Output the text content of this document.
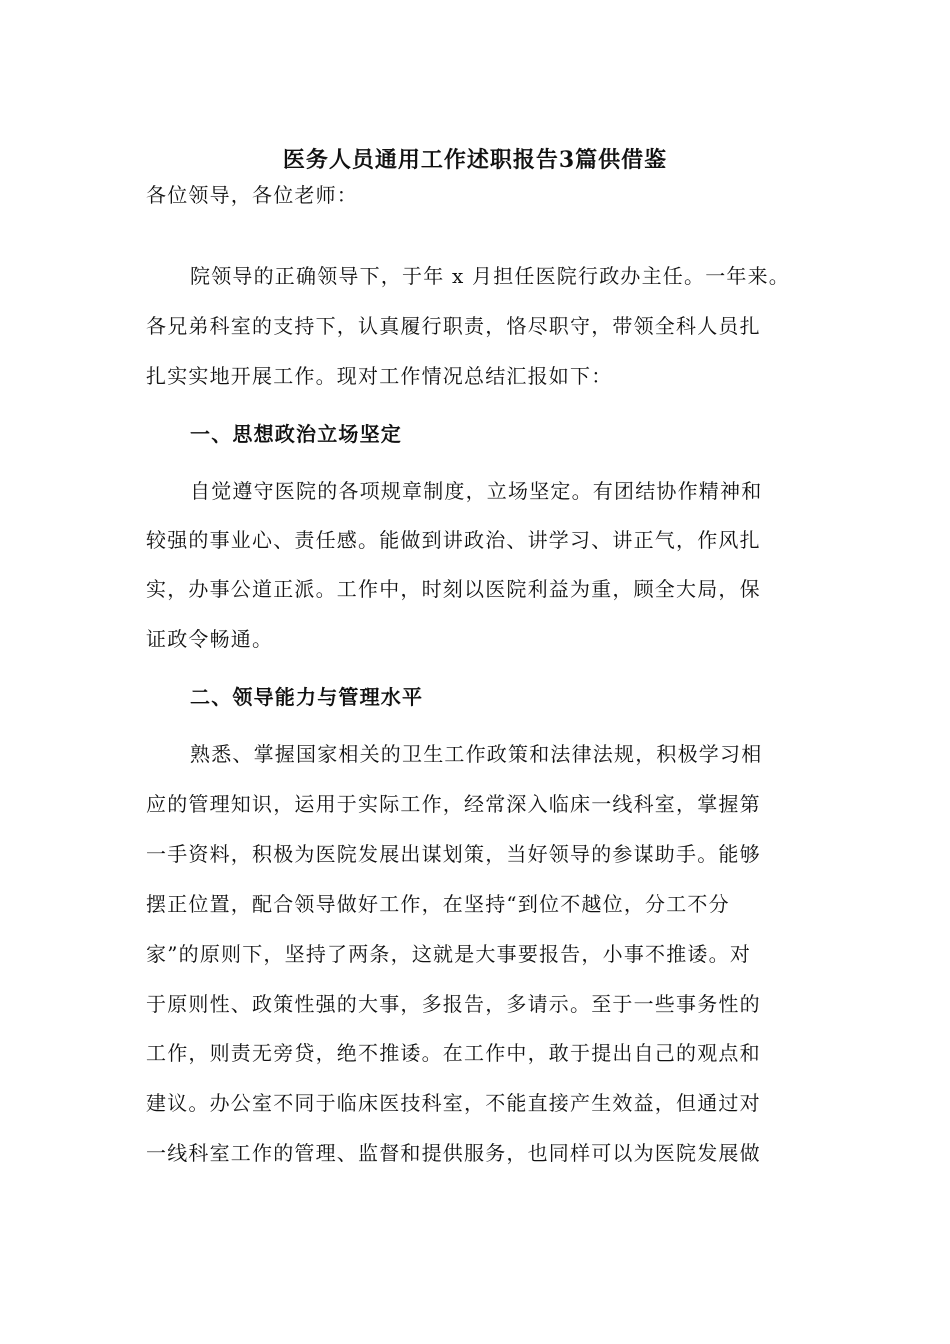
医务人员通用工作述职报告3篇供借鉴
各位领导，各位老师：
院领导的正确领导下，于年 x 月担任医院行政办主任。一年来。
各兄弟科室的支持下，认真履行职责，恪尽职守，带领全科人员扎
扎实实地开展工作。现对工作情况总结汇报如下：
一、思想政治立场坚定
自觉遵守医院的各项规章制度，立场坚定。有团结协作精神和
较强的事业心、责任感。能做到讲政治、讲学习、讲正气，作风扎
实，办事公道正派。工作中，时刻以医院利益为重，顾全大局，保
证政令畅通。
二、领导能力与管理水平
熟悉、掌握国家相关的卫生工作政策和法律法规，积极学习相
应的管理知识，运用于实际工作，经常深入临床一线科室，掌握第
一手资料，积极为医院发展出谋划策，当好领导的参谋助手。能够
摆正位置，配合领导做好工作，在坚持“到位不越位，分工不分
家”的原则下，坚持了两条，这就是大事要报告，小事不推诿。对
于原则性、政策性强的大事，多报告，多请示。至于一些事务性的
工作，则责无旁贷，绝不推诿。在工作中，敢于提出自己的观点和
建议。办公室不同于临床医技科室，不能直接产生效益，但通过对
一线科室工作的管理、监督和提供服务，也同样可以为医院发展做
